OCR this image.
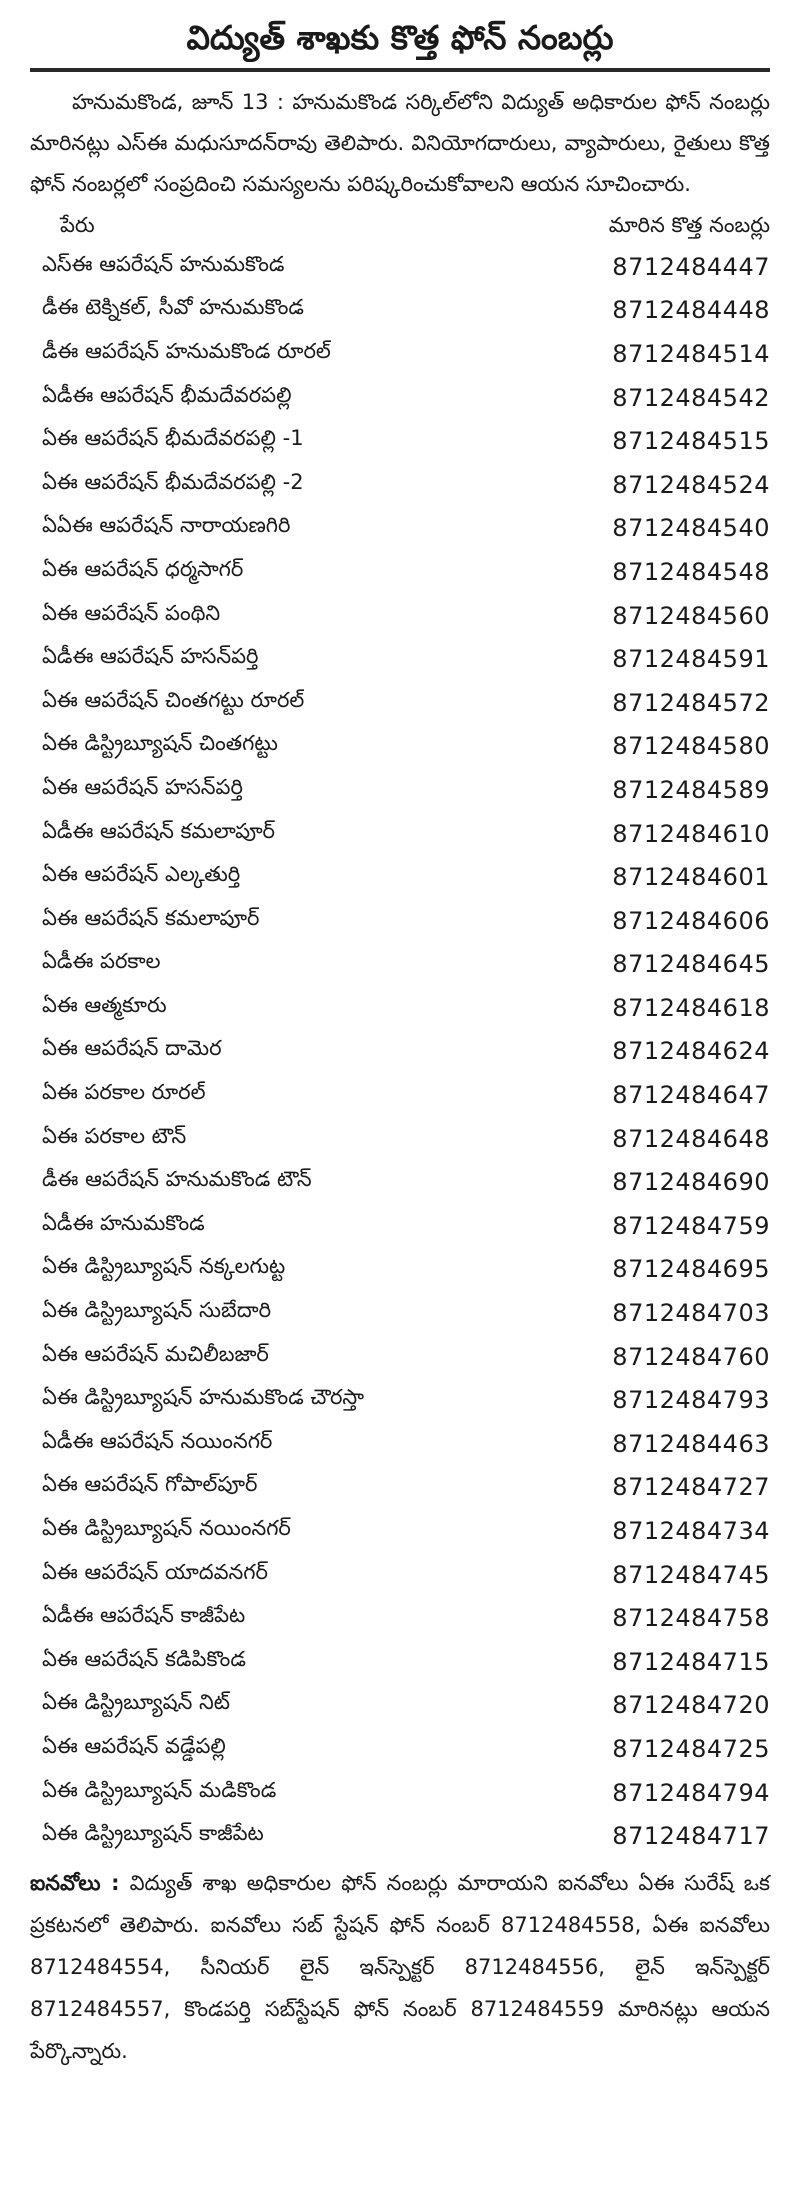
విద్యుత్ శాఖకు కొత్త ఫోన్ నంబర్లు

హనుమకొండ, జూన్ 13 : హనుమకొండ సర్కిల్‌లోని విద్యుత్ అధికారుల ఫోన్ నంబర్లు మారినట్లు ఎస్ఈ మధుసూదన్‌రావు తెలిపారు. వినియోగదారులు, వ్యాపారులు, రైతులు కొత్త ఫోన్ నంబర్లలో సంప్రదించి సమస్యలను పరిష్కరించుకోవాలని ఆయన సూచించారు.

పేరు	మారిన కొత్త నంబర్లు
ఎస్ఈ ఆపరేషన్ హనుమకొండ	8712484447
డీఈ టెక్నికల్, సీవో హనుమకొండ	8712484448
డీఈ ఆపరేషన్ హనుమకొండ రూరల్	8712484514
ఏడీఈ ఆపరేషన్ భీమదేవరపల్లి	8712484542
ఏఈ ఆపరేషన్ భీమదేవరపల్లి -1	8712484515
ఏఈ ఆపరేషన్ భీమదేవరపల్లి -2	8712484524
ఏఏఈ ఆపరేషన్ నారాయణగిరి	8712484540
ఏఈ ఆపరేషన్ ధర్మసాగర్	8712484548
ఏఈ ఆపరేషన్ పంథిని	8712484560
ఏడీఈ ఆపరేషన్ హసన్‌పర్తి	8712484591
ఏఈ ఆపరేషన్ చింతగట్టు రూరల్	8712484572
ఏఈ డిస్ట్రిబ్యూషన్ చింతగట్టు	8712484580
ఏఈ ఆపరేషన్ హసన్‌పర్తి	8712484589
ఏడీఈ ఆపరేషన్ కమలాపూర్	8712484610
ఏఈ ఆపరేషన్ ఎల్కతుర్తి	8712484601
ఏఈ ఆపరేషన్ కమలాపూర్	8712484606
ఏడీఈ పరకాల	8712484645
ఏఈ ఆత్మకూరు	8712484618
ఏఈ ఆపరేషన్ దామెర	8712484624
ఏఈ పరకాల రూరల్	8712484647
ఏఈ పరకాల టౌన్	8712484648
డీఈ ఆపరేషన్ హనుమకొండ టౌన్	8712484690
ఏడీఈ హనుమకొండ	8712484759
ఏఈ డిస్ట్రిబ్యూషన్ నక్కలగుట్ట	8712484695
ఏఈ డిస్ట్రిబ్యూషన్ సుబేదారి	8712484703
ఏఈ ఆపరేషన్ మచిలీబజార్	8712484760
ఏఈ డిస్ట్రిబ్యూషన్ హనుమకొండ చౌరస్తా	8712484793
ఏడీఈ ఆపరేషన్ నయింనగర్	8712484463
ఏఈ ఆపరేషన్ గోపాల్‌పూర్	8712484727
ఏఈ డిస్ట్రిబ్యూషన్ నయింనగర్	8712484734
ఏఈ ఆపరేషన్ యాదవనగర్	8712484745
ఏడీఈ ఆపరేషన్ కాజీపేట	8712484758
ఏఈ ఆపరేషన్ కడిపికొండ	8712484715
ఏఈ డిస్ట్రిబ్యూషన్ నిట్	8712484720
ఏఈ ఆపరేషన్ వడ్డేపల్లి	8712484725
ఏఈ డిస్ట్రిబ్యూషన్ మడికొండ	8712484794
ఏఈ డిస్ట్రిబ్యూషన్ కాజీపేట	8712484717

ఐనవోలు : విద్యుత్ శాఖ అధికారుల ఫోన్ నంబర్లు మారాయని ఐనవోలు ఏఈ సురేష్ ఒక ప్రకటనలో తెలిపారు. ఐనవోలు సబ్ స్టేషన్ ఫోన్ నంబర్ 8712484558, ఏఈ ఐనవోలు 8712484554, సీనియర్ లైన్ ఇన్‌స్పెక్టర్ 8712484556, లైన్ ఇన్‌స్పెక్టర్ 8712484557, కొండపర్తి సబ్‌స్టేషన్ ఫోన్ నంబర్ 8712484559 మారినట్లు ఆయన పేర్కొన్నారు.
